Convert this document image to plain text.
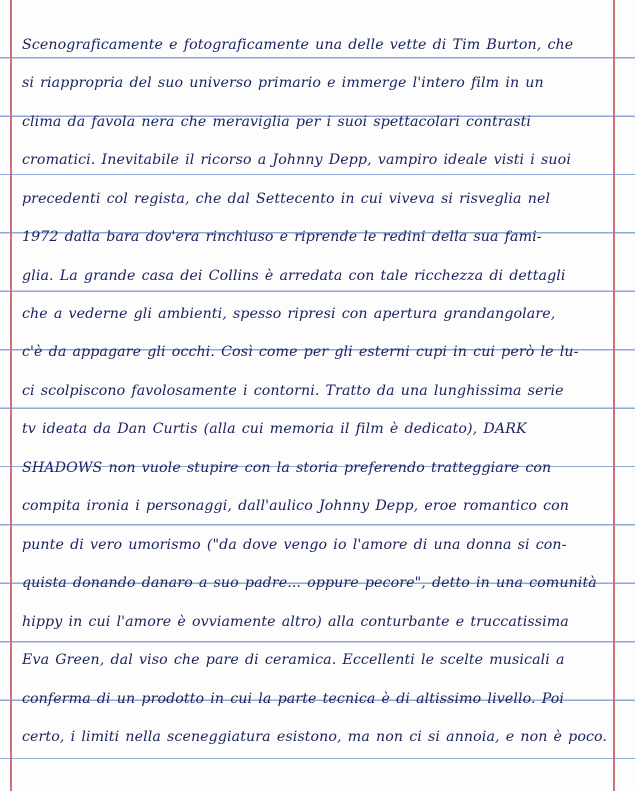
Scenograficamente e fotograficamente una delle vette di Tim Burton, che
si riappropria del suo universo primario e immerge l'intero film in un
clima da favola nera che meraviglia per i suoi spettacolari contrasti
cromatici. Inevitabile il ricorso a Johnny Depp, vampiro ideale visti i suoi
precedenti col regista, che dal Settecento in cui viveva si risveglia nel
1972 dalla bara dov'era rinchiuso e riprende le redini della sua fami-
glia. La grande casa dei Collins è arredata con tale ricchezza di dettagli
che a vederne gli ambienti, spesso ripresi con apertura grandangolare,
c'è da appagare gli occhi. Così come per gli esterni cupi in cui però le lu-
ci scolpiscono favolosamente i contorni. Tratto da una lunghissima serie
tv ideata da Dan Curtis (alla cui memoria il film è dedicato), DARK
SHADOWS non vuole stupire con la storia preferendo tratteggiare con
compita ironia i personaggi, dall'aulico Johnny Depp, eroe romantico con
punte di vero umorismo ("da dove vengo io l'amore di una donna si con-
quista donando danaro a suo padre... oppure pecore", detto in una comunità
hippy in cui l'amore è ovviamente altro) alla conturbante e truccatissima
Eva Green, dal viso che pare di ceramica. Eccellenti le scelte musicali a
conferma di un prodotto in cui la parte tecnica è di altissimo livello. Poi
certo, i limiti nella sceneggiatura esistono, ma non ci si annoia, e non è poco.
